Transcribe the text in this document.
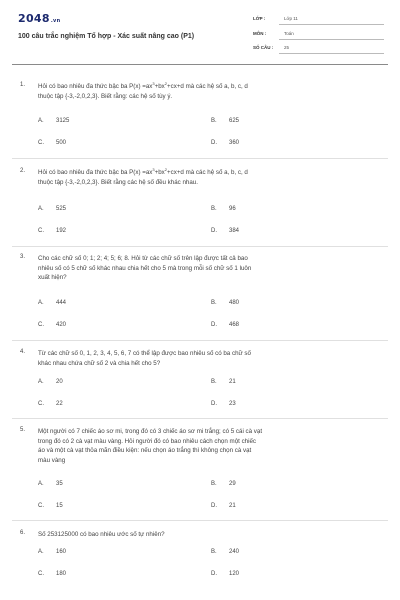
2048.vn
100 câu trắc nghiệm Tổ hợp - Xác suất nâng cao (P1)
LỚP :	Lớp 11
MÔN :	Toán
SỐ CÂU : 25
1. Hỏi có bao nhiêu đa thức bậc ba $P(x) =ax^3+bx^2+cx+d$ mà các hệ số a, b, c, d
thuộc tập {-3,-2,0,2,3}. Biết rằng: các hệ số tùy ý.
A. 3125	B. 625
C. 500	D. 360
2. Hỏi có bao nhiêu đa thức bậc ba $P(x) =ax^3+bx^2+cx+d$ mà các hệ số a, b, c, d
thuộc tập {-3,-2,0,2,3}. Biết rằng các hệ số đều khác nhau.
A. 525	B. 96
C. 192	D. 384
3. Cho các chữ số 0; 1; 2; 4; 5; 6; 8. Hỏi từ các chữ số trên lập được tất cả bao
nhiêu số có 5 chữ số khác nhau chia hết cho 5 mà trong mỗi số chữ số 1 luôn
xuất hiện?
A. 444	B. 480
C. 420	D. 468
4. Từ các chữ số 0, 1, 2, 3, 4, 5, 6, 7 có thể lập được bao nhiêu số có ba chữ số
khác nhau chứa chữ số 2 và chia hết cho 5?
A. 20	B. 21
C. 22	D. 23
5. Một người có 7 chiếc áo sơ mi, trong đó có 3 chiếc áo sơ mi trắng; có 5 cái cà vạt
trong đó có 2 cà vạt màu vàng. Hỏi người đó có bao nhiêu cách chọn một chiếc
áo và một cà vạt thỏa mãn điều kiện: nếu chọn áo trắng thì không chọn cà vạt
màu vàng
A. 35	B. 29
C. 15	D. 21
6. Số 253125000 có bao nhiêu ước số tự nhiên?
A. 160	B. 240
C. 180	D. 120
